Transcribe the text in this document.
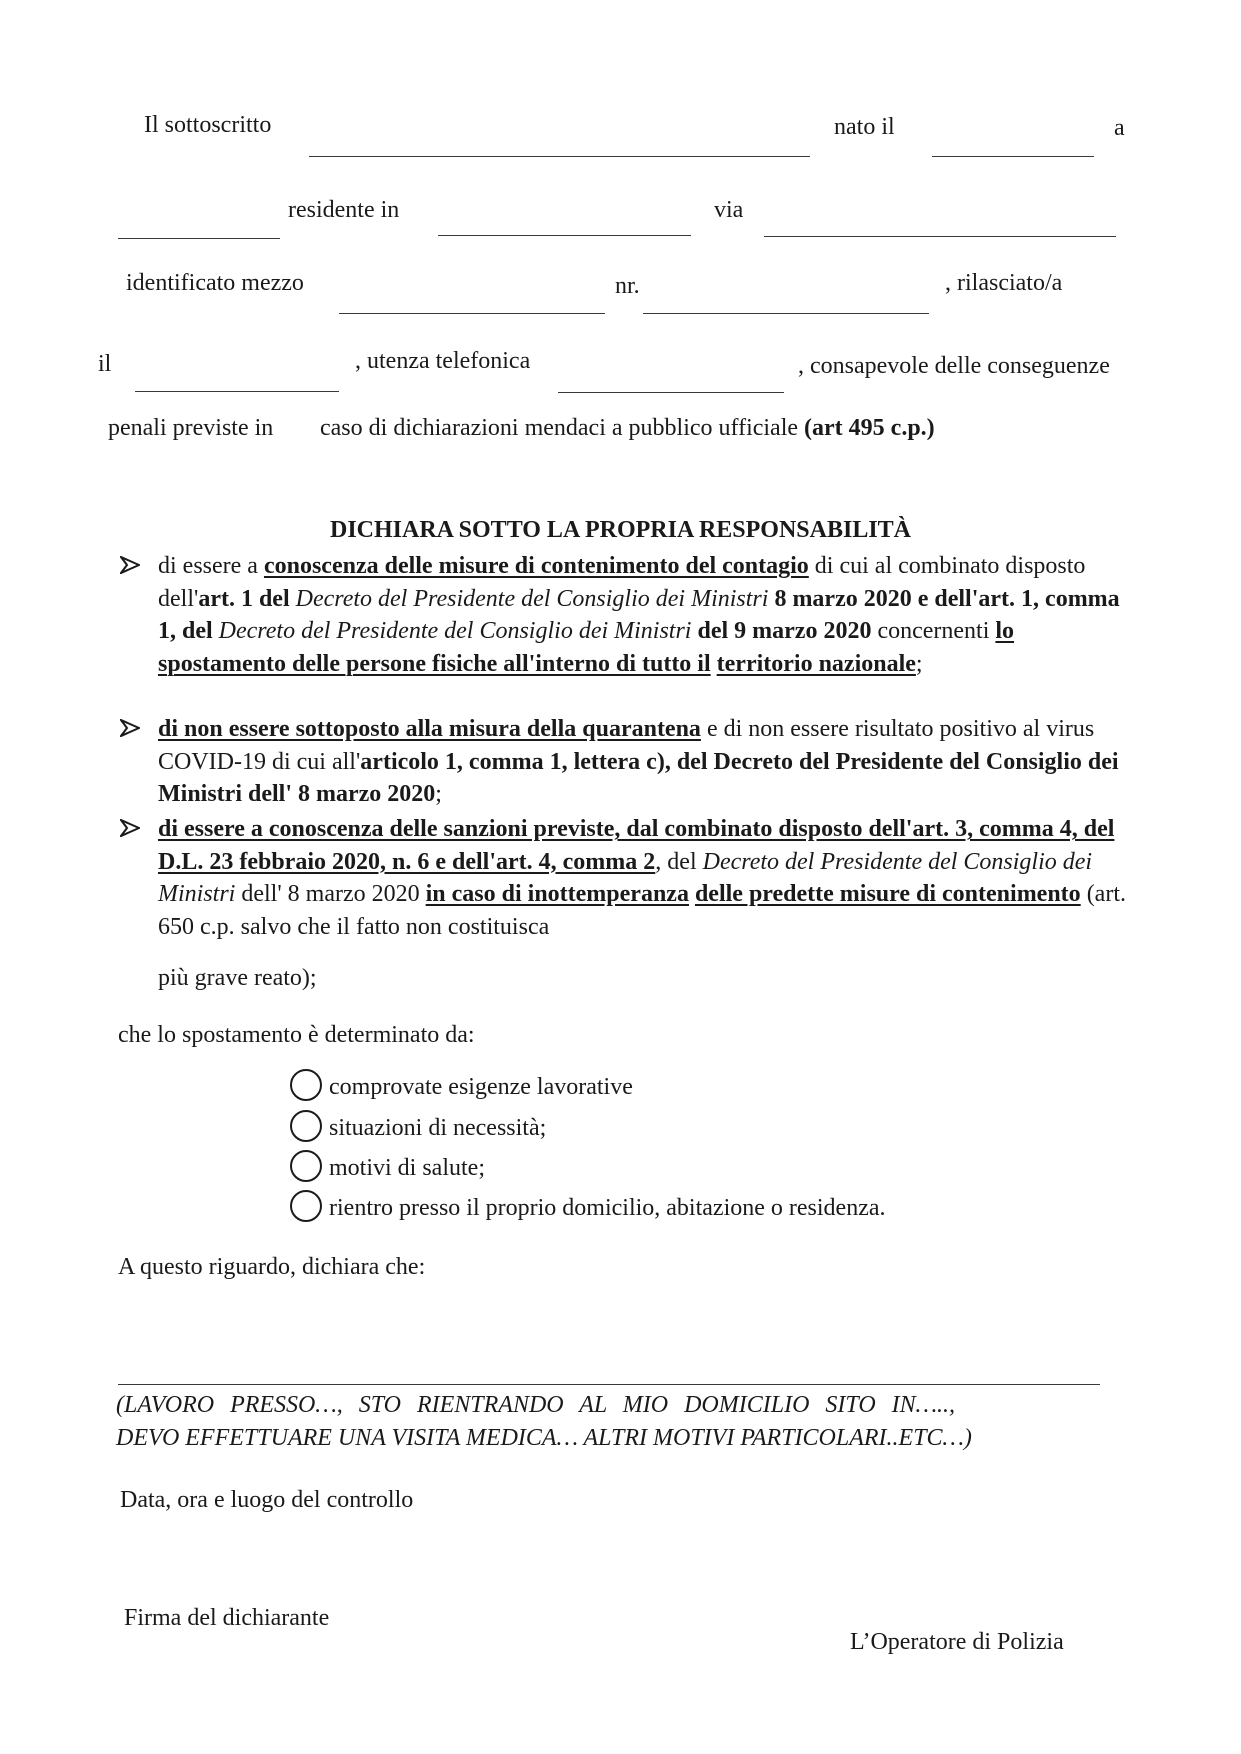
Il sottoscritto	nato il	a
residente in	via
identificato mezzo	nr.	, rilasciato/a
il	, utenza telefonica	, consapevole delle conseguenze
penali previste in caso di dichiarazioni mendaci a pubblico ufficiale (art 495 c.p.)
DICHIARA SOTTO LA PROPRIA RESPONSABILITÀ
di essere a conoscenza delle misure di contenimento del contagio di cui al combinato disposto dell'art. 1 del Decreto del Presidente del Consiglio dei Ministri 8 marzo 2020 e dell'art. 1, comma 1, del Decreto del Presidente del Consiglio dei Ministri del 9 marzo 2020 concernenti lo spostamento delle persone fisiche all'interno di tutto il territorio nazionale;
di non essere sottoposto alla misura della quarantena e di non essere risultato positivo al virus COVID-19 di cui all'articolo 1, comma 1, lettera c), del Decreto del Presidente del Consiglio dei Ministri dell' 8 marzo 2020;
di essere a conoscenza delle sanzioni previste, dal combinato disposto dell'art. 3, comma 4, del D.L. 23 febbraio 2020, n. 6 e dell'art. 4, comma 2, del Decreto del Presidente del Consiglio dei Ministri dell' 8 marzo 2020 in caso di inottemperanza delle predette misure di contenimento (art. 650 c.p. salvo che il fatto non costituisca
più grave reato);
che lo spostamento è determinato da:
comprovate esigenze lavorative
situazioni di necessità;
motivi di salute;
rientro presso il proprio domicilio, abitazione o residenza.
A questo riguardo, dichiara che:
(LAVORO PRESSO…, STO RIENTRANDO AL MIO DOMICILIO SITO IN…..,
DEVO EFFETTUARE UNA VISITA MEDICA… ALTRI MOTIVI PARTICOLARI..ETC…)
Data, ora e luogo del controllo
Firma del dichiarante
L’Operatore di Polizia
